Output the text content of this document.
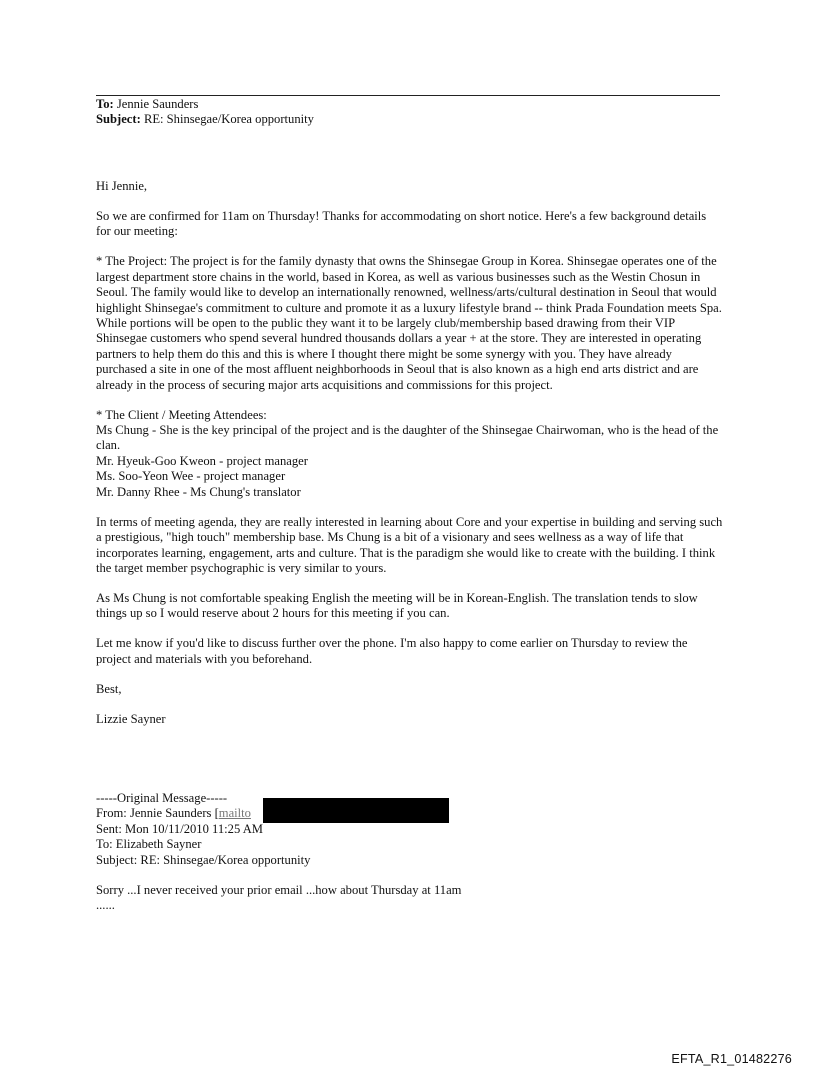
To: Jennie Saunders
Subject: RE: Shinsegae/Korea opportunity

Hi Jennie,

So we are confirmed for 11am on Thursday! Thanks for accommodating on short notice. Here's a few background details for our meeting:

* The Project: The project is for the family dynasty that owns the Shinsegae Group in Korea. Shinsegae operates one of the largest department store chains in the world, based in Korea, as well as various businesses such as the Westin Chosun in Seoul. The family would like to develop an internationally renowned, wellness/arts/cultural destination in Seoul that would highlight Shinsegae's commitment to culture and promote it as a luxury lifestyle brand -- think Prada Foundation meets Spa. While portions will be open to the public they want it to be largely club/membership based drawing from their VIP Shinsegae customers who spend several hundred thousands dollars a year + at the store. They are interested in operating partners to help them do this and this is where I thought there might be some synergy with you. They have already purchased a site in one of the most affluent neighborhoods in Seoul that is also known as a high end arts district and are already in the process of securing major arts acquisitions and commissions for this project.

* The Client / Meeting Attendees:
Ms Chung - She is the key principal of the project and is the daughter of the Shinsegae Chairwoman, who is the head of the clan.
Mr. Hyeuk-Goo Kweon - project manager
Ms. Soo-Yeon Wee - project manager
Mr. Danny Rhee - Ms Chung's translator

In terms of meeting agenda, they are really interested in learning about Core and your expertise in building and serving such a prestigious, "high touch" membership base. Ms Chung is a bit of a visionary and sees wellness as a way of life that incorporates learning, engagement, arts and culture. That is the paradigm she would like to create with the building. I think the target member psychographic is very similar to yours.

As Ms Chung is not comfortable speaking English the meeting will be in Korean-English. The translation tends to slow things up so I would reserve about 2 hours for this meeting if you can.

Let me know if you'd like to discuss further over the phone. I'm also happy to come earlier on Thursday to review the project and materials with you beforehand.

Best,

Lizzie Sayner

-----Original Message-----
From: Jennie Saunders [mailto
Sent: Mon 10/11/2010 11:25 AM
To: Elizabeth Sayner
Subject: RE: Shinsegae/Korea opportunity
Sorry ...I never received your prior email ...how about Thursday at 11am
......
EFTA_R1_01482276
